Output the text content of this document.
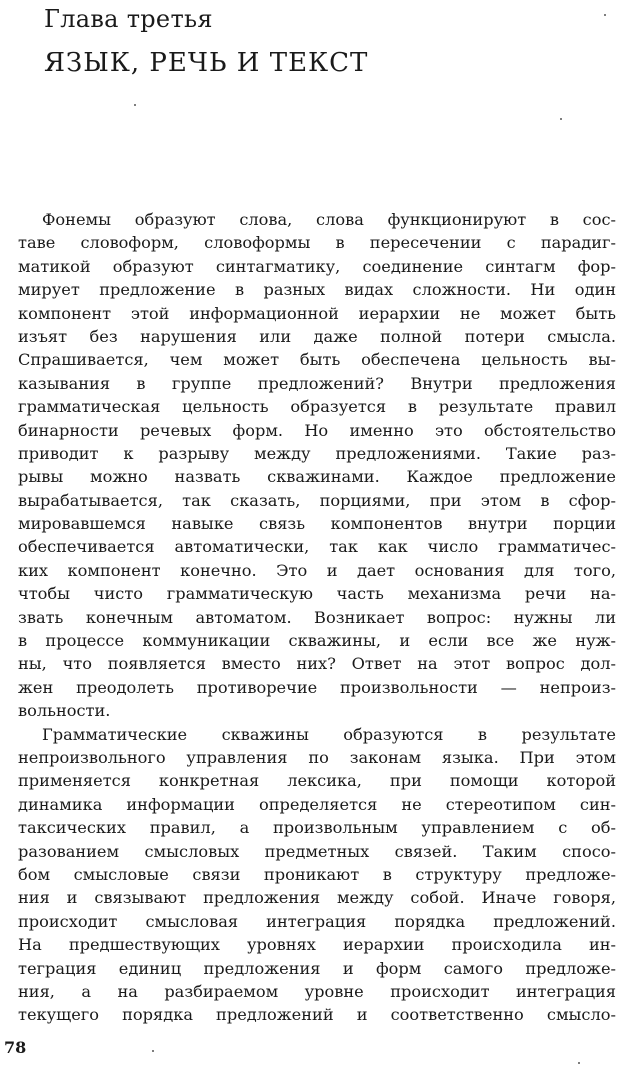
Глава третья
ЯЗЫК, РЕЧЬ И ТЕКСТ
Фонемы образуют слова, слова функционируют в сос-
таве словоформ, словоформы в пересечении с парадиг-
матикой образуют синтагматику, соединение синтагм фор-
мирует предложение в разных видах сложности. Ни один
компонент этой информационной иерархии не может быть
изъят без нарушения или даже полной потери смысла.
Спрашивается, чем может быть обеспечена цельность вы-
казывания в группе предложений? Внутри предложения
грамматическая цельность образуется в результате правил
бинарности речевых форм. Но именно это обстоятельство
приводит к разрыву между предложениями. Такие раз-
рывы можно назвать скважинами. Каждое предложение
вырабатывается, так сказать, порциями, при этом в сфор-
мировавшемся навыке связь компонентов внутри порции
обеспечивается автоматически, так как число грамматичес-
ких компонент конечно. Это и дает основания для того,
чтобы чисто грамматическую часть механизма речи на-
звать конечным автоматом. Возникает вопрос: нужны ли
в процессе коммуникации скважины, и если все же нуж-
ны, что появляется вместо них? Ответ на этот вопрос дол-
жен преодолеть противоречие произвольности — непроиз-
вольности.
Грамматические скважины образуются в результате
непроизвольного управления по законам языка. При этом
применяется конкретная лексика, при помощи которой
динамика информации определяется не стереотипом син-
таксических правил, а произвольным управлением с об-
разованием смысловых предметных связей. Таким спосо-
бом смысловые связи проникают в структуру предложе-
ния и связывают предложения между собой. Иначе говоря,
происходит смысловая интеграция порядка предложений.
На предшествующих уровнях иерархии происходила ин-
теграция единиц предложения и форм самого предложе-
ния, а на разбираемом уровне происходит интеграция
текущего порядка предложений и соответственно смысло-
78
